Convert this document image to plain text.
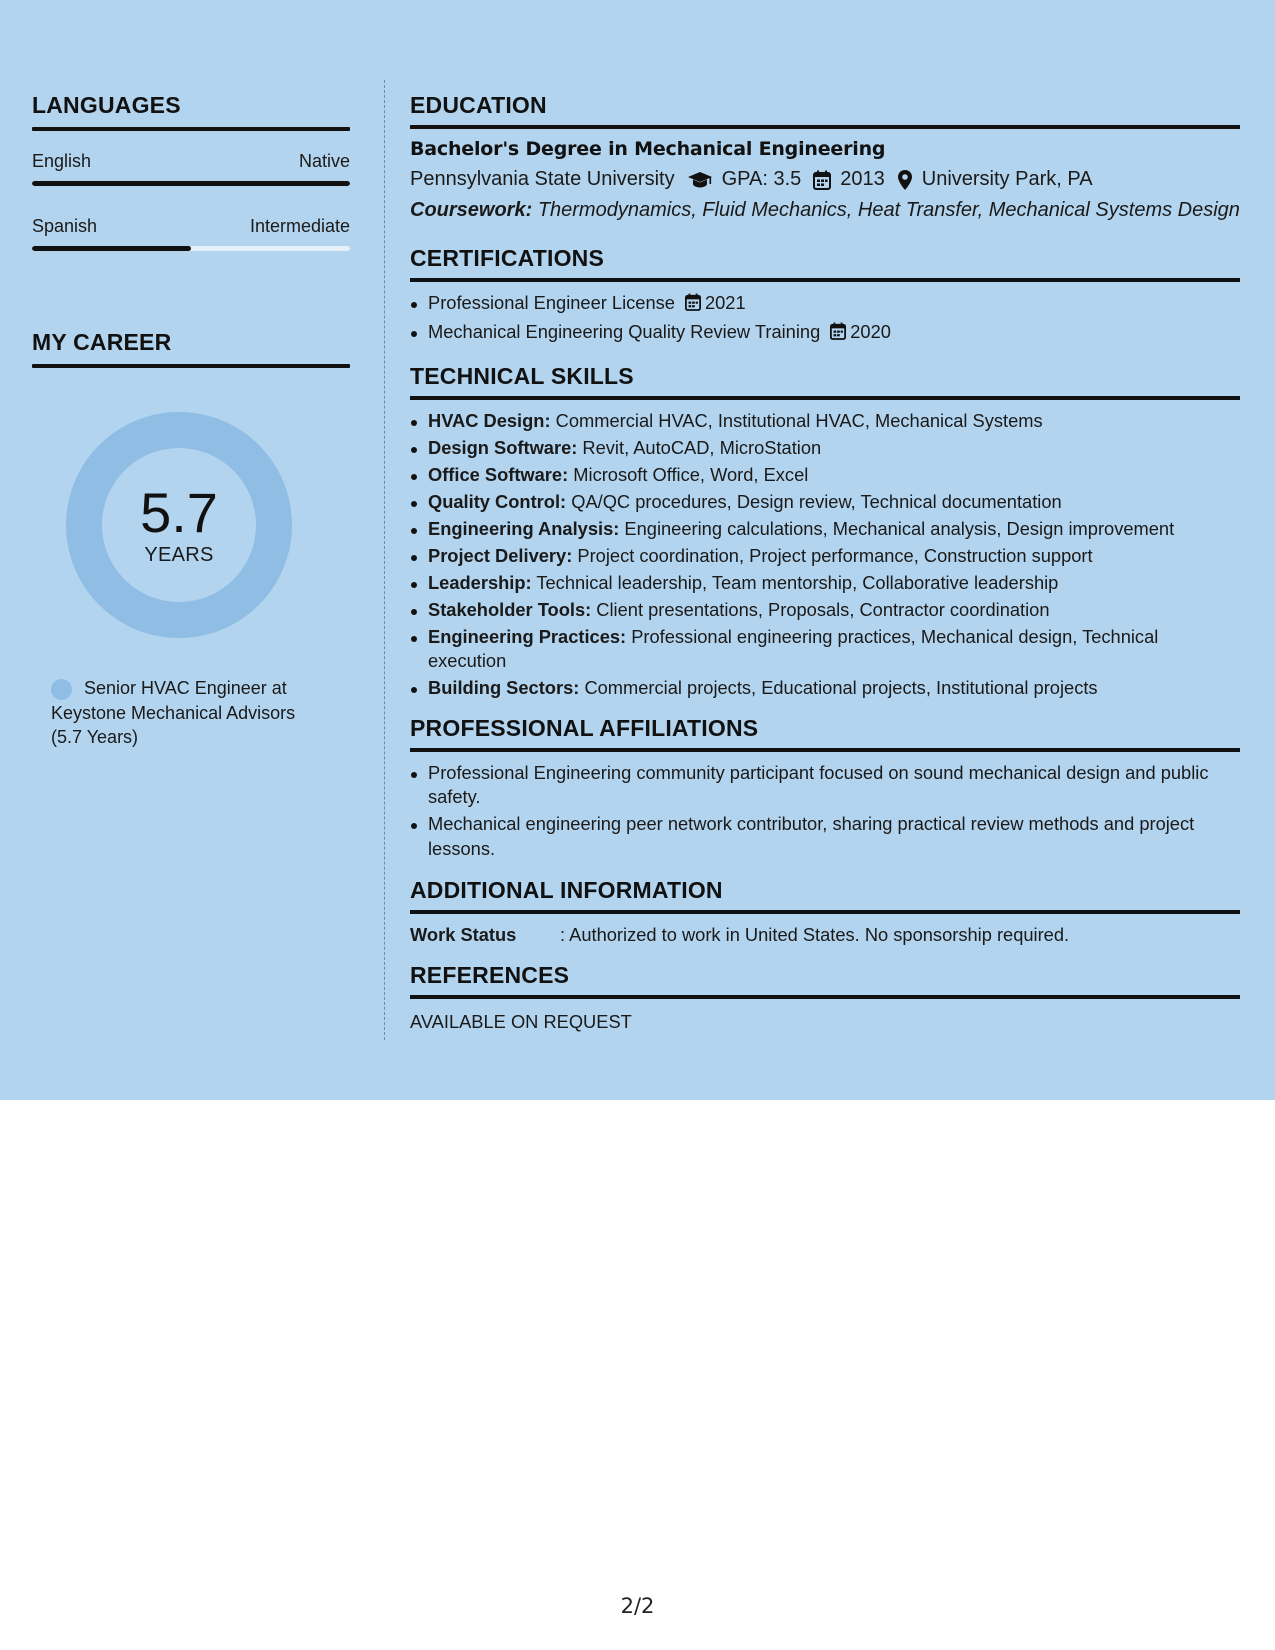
LANGUAGES
English	Native
Spanish	Intermediate
MY CAREER
5.7
YEARS
Senior HVAC Engineer at Keystone Mechanical Advisors (5.7 Years)
EDUCATION
Bachelor's Degree in Mechanical Engineering
Pennsylvania State University GPA: 3.5 2013 University Park, PA
Coursework: Thermodynamics, Fluid Mechanics, Heat Transfer, Mechanical Systems Design
CERTIFICATIONS
Professional Engineer License 2021
Mechanical Engineering Quality Review Training 2020
TECHNICAL SKILLS
HVAC Design: Commercial HVAC, Institutional HVAC, Mechanical Systems
Design Software: Revit, AutoCAD, MicroStation
Office Software: Microsoft Office, Word, Excel
Quality Control: QA/QC procedures, Design review, Technical documentation
Engineering Analysis: Engineering calculations, Mechanical analysis, Design improvement
Project Delivery: Project coordination, Project performance, Construction support
Leadership: Technical leadership, Team mentorship, Collaborative leadership
Stakeholder Tools: Client presentations, Proposals, Contractor coordination
Engineering Practices: Professional engineering practices, Mechanical design, Technical execution
Building Sectors: Commercial projects, Educational projects, Institutional projects
PROFESSIONAL AFFILIATIONS
Professional Engineering community participant focused on sound mechanical design and public safety.
Mechanical engineering peer network contributor, sharing practical review methods and project lessons.
ADDITIONAL INFORMATION
Work Status	: Authorized to work in United States. No sponsorship required.
REFERENCES
AVAILABLE ON REQUEST
2/2
